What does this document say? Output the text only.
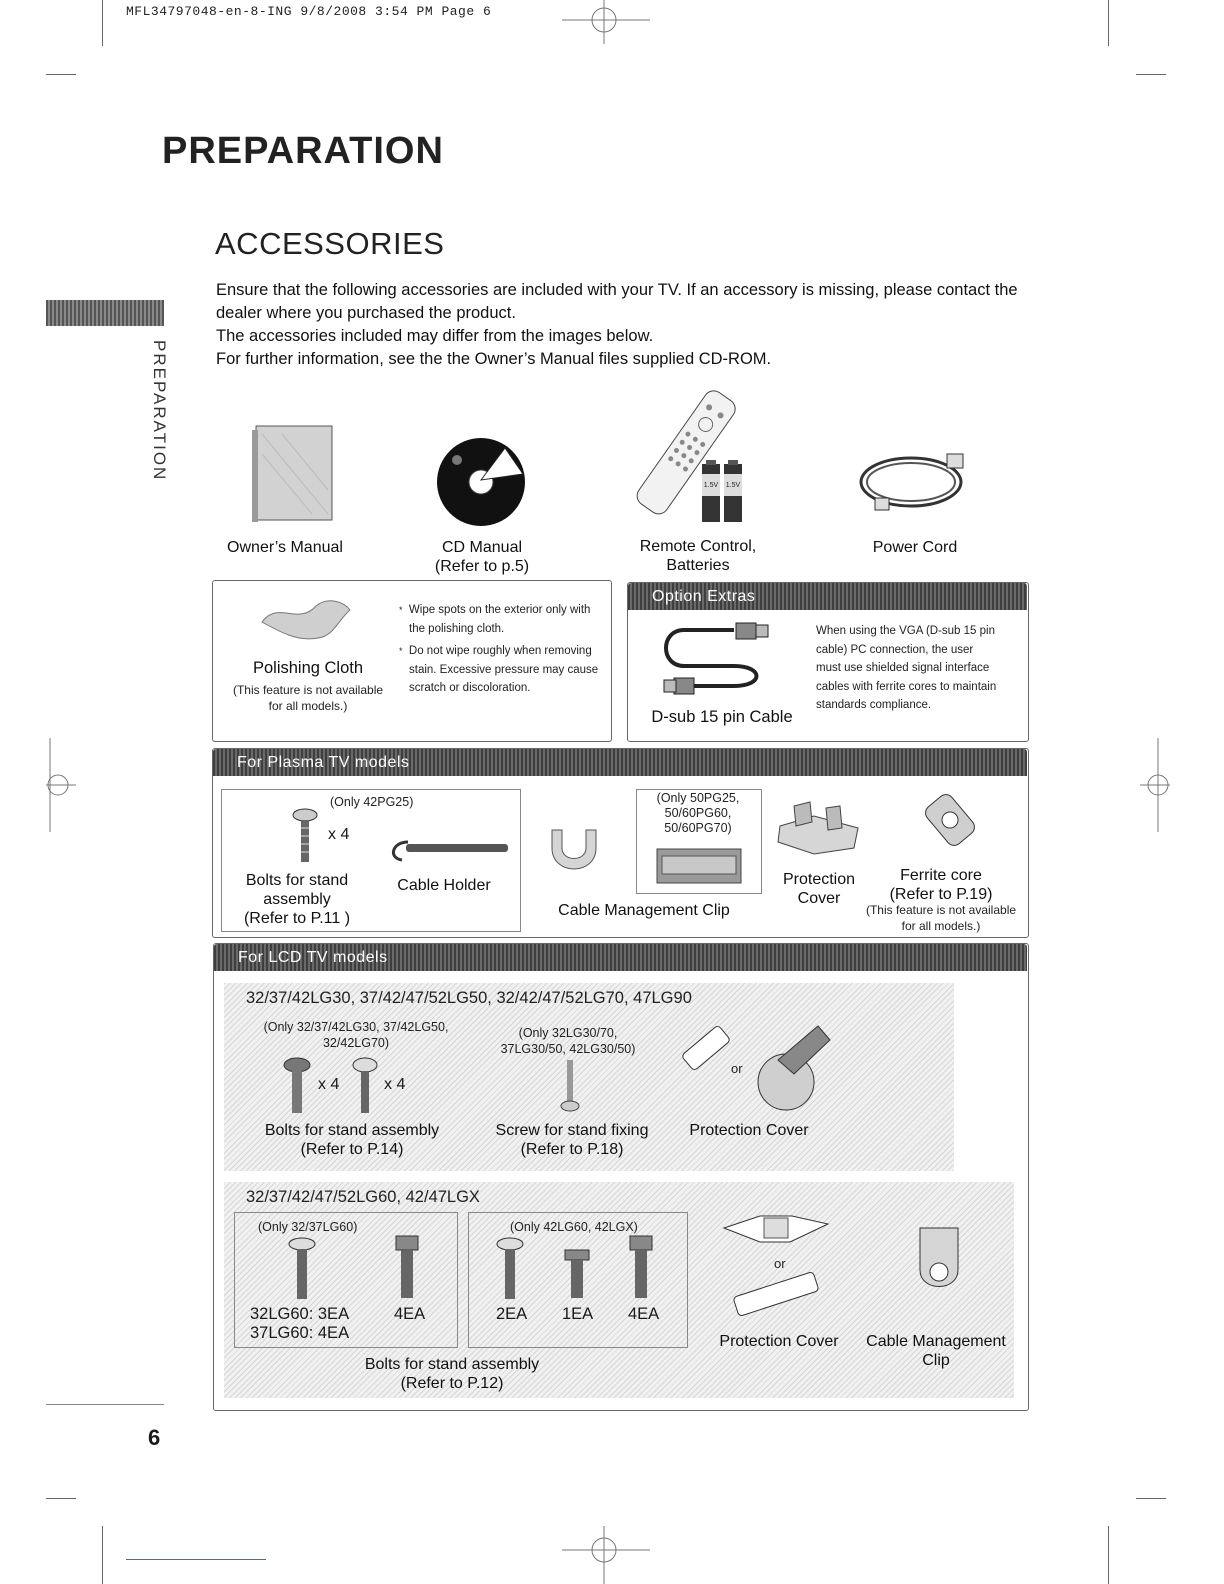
MFL34797048-en-8-ING 9/8/2008 3:54 PM Page 6
PREPARATION
ACCESSORIES
PREPARATION

Ensure that the following accessories are included with your TV. If an accessory is missing, please contact the dealer where you purchased the product.

The accessories included may differ from the images below.

For further information, see the the Owner’s Manual files supplied CD-ROM.

Owner’s Manual	CD Manual
(Refer to p.5)
1.5V	1.5V
Remote Control,
Batteries
Power Cord
Polishing Cloth
(This feature is not available
for all models.)
* Wipe spots on the exterior only with
the polishing cloth.
* Do not wipe roughly when removing
stain. Excessive pressure may cause
scratch or discoloration.
Option Extras
D-sub 15 pin Cable
When using the VGA (D-sub 15 pin
cable) PC connection, the user
must use shielded signal interface
cables with ferrite cores to maintain
standards compliance.
For Plasma TV models
(Only 42PG25)
x 4
Bolts for stand
assembly
(Refer to P.11 )
Cable Holder
(Only 50PG25,
50/60PG60,
50/60PG70)
Cable Management Clip
Protection
Cover
Ferrite core
(Refer to P.19)
(This feature is not available
for all models.)
For LCD TV models
32/37/42LG30, 37/42/47/52LG50, 32/42/47/52LG70, 47LG90
(Only 32/37/42LG30, 37/42LG50,
32/42LG70)
(Only 32LG30/70,
37LG30/50, 42LG30/50)
x 4	x 4
Bolts for stand assembly
(Refer to P.14)
Screw for stand fixing
(Refer to P.18)
or
Protection Cover
32/37/42/47/52LG60, 42/47LGX
(Only 32/37LG60)
32LG60: 3EA
37LG60: 4EA
4EA
(Only 42LG60, 42LGX)
2EA 1EA 4EA
or
Protection Cover	Cable Management
Clip
Bolts for stand assembly
(Refer to P.12)
6
